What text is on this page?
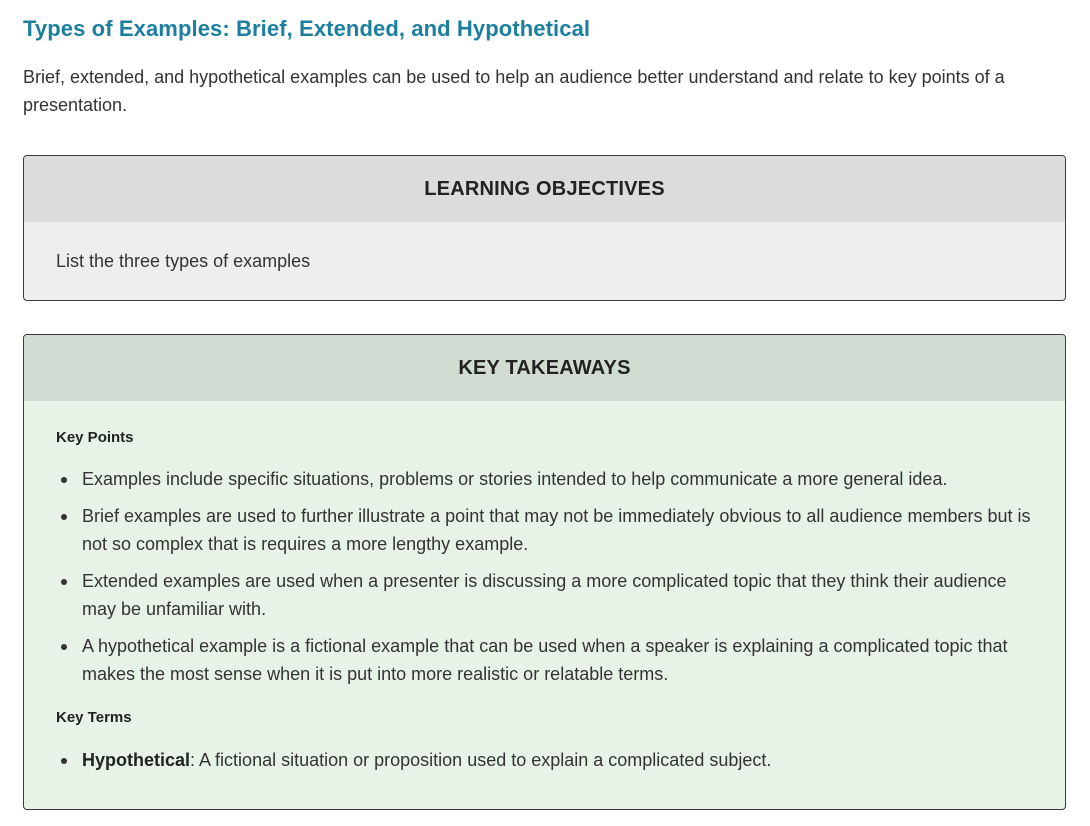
Types of Examples: Brief, Extended, and Hypothetical

Brief, extended, and hypothetical examples can be used to help an audience better understand and relate to key points of a presentation.

LEARNING OBJECTIVES
List the three types of examples
KEY TAKEAWAYS

Key Points

Examples include specific situations, problems or stories intended to help communicate a more general idea.
Brief examples are used to further illustrate a point that may not be immediately obvious to all audience members but is not so complex that is requires a more lengthy example.
Extended examples are used when a presenter is discussing a more complicated topic that they think their audience may be unfamiliar with.
A hypothetical example is a fictional example that can be used when a speaker is explaining a complicated topic that makes the most sense when it is put into more realistic or relatable terms.

Key Terms

Hypothetical: A fictional situation or proposition used to explain a complicated subject.
